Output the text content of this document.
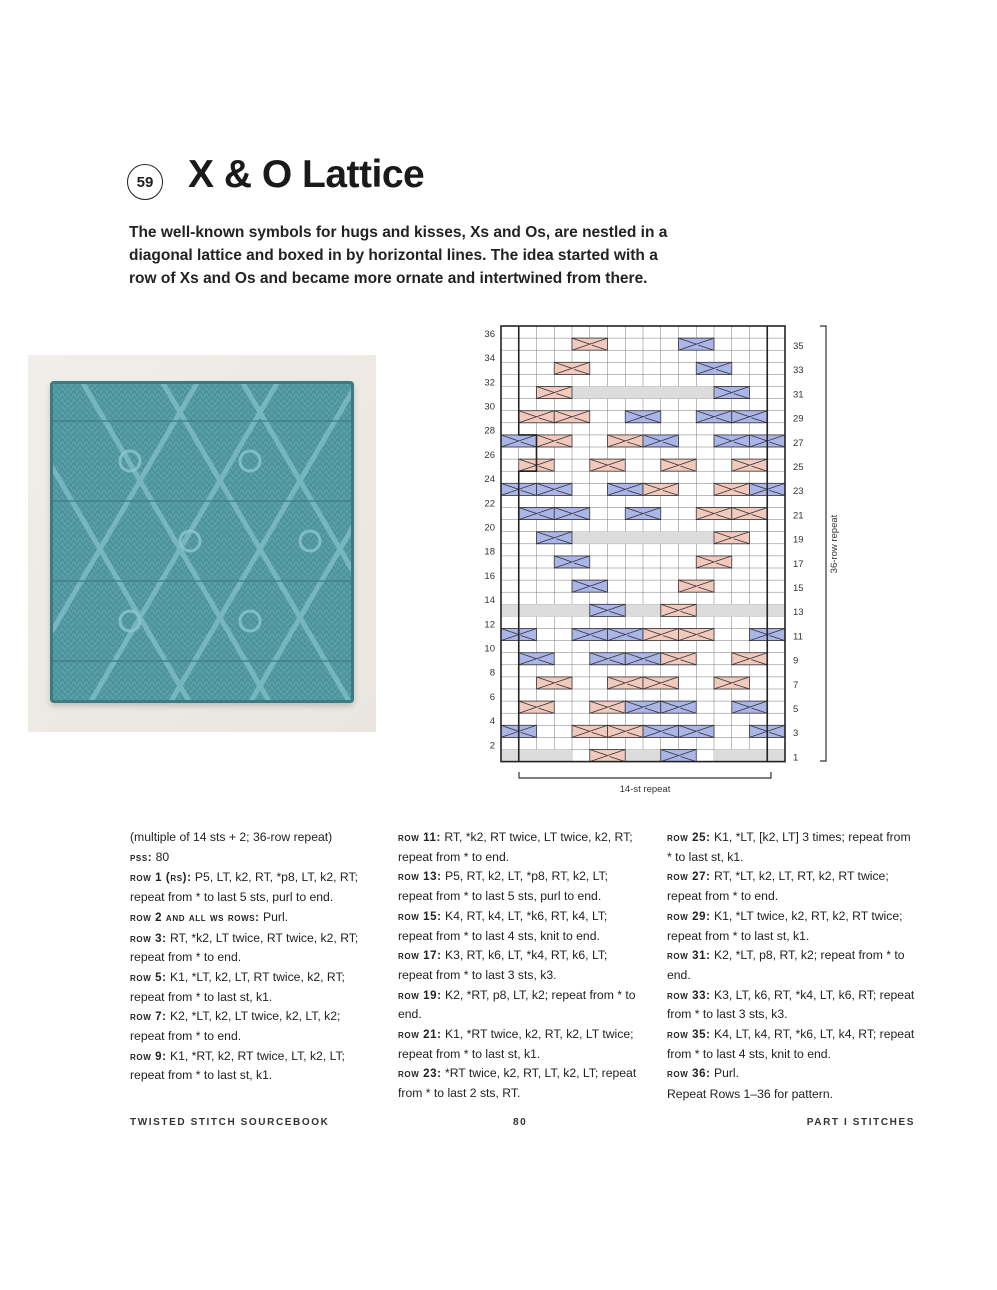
59 X & O Lattice

The well-known symbols for hugs and kisses, Xs and Os, are nestled in a diagonal lattice and boxed in by horizontal lines. The idea started with a row of Xs and Os and became more ornate and intertwined from there.

36
34
32
30
28
26
24
22
20
18
16
14
12
10
8
6
4
2
35
33
31
29
27
25
23
21
19
17
15
13
11
9
7
5
3
1
36-row repeat
14-st repeat

(multiple of 14 sts + 2; 36-row repeat)

pss: 80

row 1 (rs): P5, LT, k2, RT, *p8, LT, k2, RT; repeat from * to last 5 sts, purl to end.

row 2 and all ws rows: Purl.

row 3: RT, *k2, LT twice, RT twice, k2, RT; repeat from * to end.

row 5: K1, *LT, k2, LT, RT twice, k2, RT; repeat from * to last st, k1.

row 7: K2, *LT, k2, LT twice, k2, LT, k2; repeat from * to end.

row 9: K1, *RT, k2, RT twice, LT, k2, LT; repeat from * to last st, k1.

row 11: RT, *k2, RT twice, LT twice, k2, RT; repeat from * to end.

row 13: P5, RT, k2, LT, *p8, RT, k2, LT; repeat from * to last 5 sts, purl to end.

row 15: K4, RT, k4, LT, *k6, RT, k4, LT; repeat from * to last 4 sts, knit to end.

row 17: K3, RT, k6, LT, *k4, RT, k6, LT; repeat from * to last 3 sts, k3.

row 19: K2, *RT, p8, LT, k2; repeat from * to end.

row 21: K1, *RT twice, k2, RT, k2, LT twice; repeat from * to last st, k1.

row 23: *RT twice, k2, RT, LT, k2, LT; repeat from * to last 2 sts, RT.

row 25: K1, *LT, [k2, LT] 3 times; repeat from * to last st, k1.

row 27: RT, *LT, k2, LT, RT, k2, RT twice; repeat from * to end.

row 29: K1, *LT twice, k2, RT, k2, RT twice; repeat from * to last st, k1.

row 31: K2, *LT, p8, RT, k2; repeat from * to end.

row 33: K3, LT, k6, RT, *k4, LT, k6, RT; repeat from * to last 3 sts, k3.

row 35: K4, LT, k4, RT, *k6, LT, k4, RT; repeat from * to last 4 sts, knit to end.

row 36: Purl.

Repeat Rows 1–36 for pattern.

TWISTED STITCH SOURCEBOOK	80	PART I STITCHES
